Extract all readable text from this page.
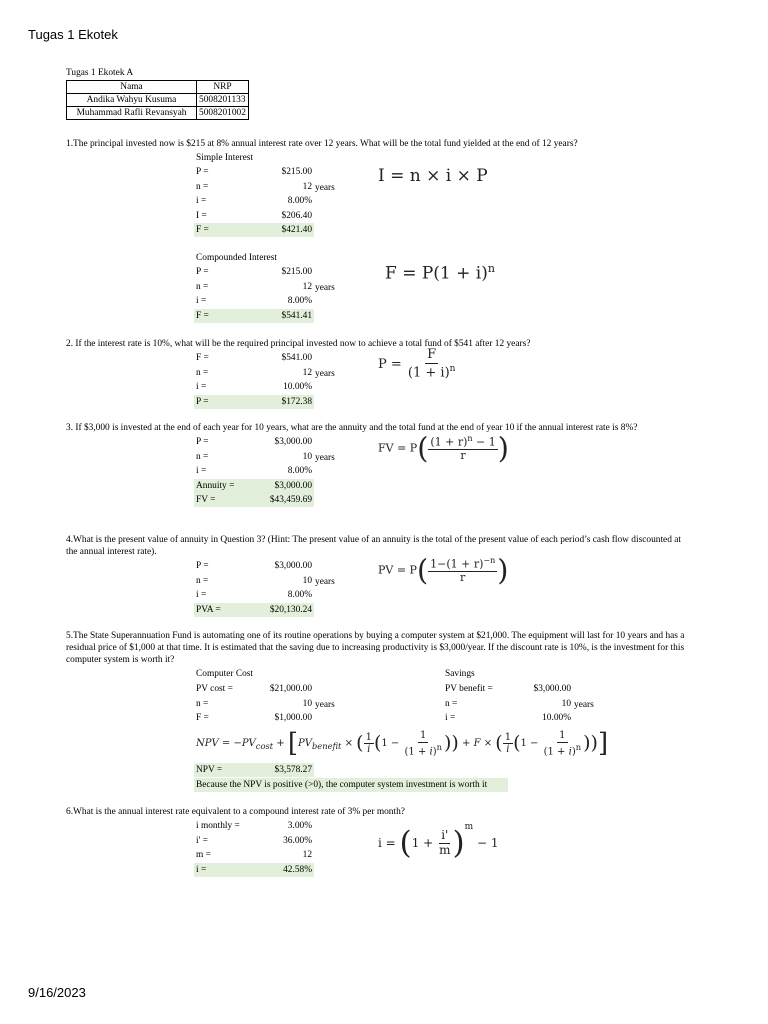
Tugas 1 Ekotek
9/16/2023
Tugas 1 Ekotek A
Nama	NRP
Andika Wahyu Kusuma	5008201133
Muhammad Rafli Revansyah	5008201002
1.The principal invested now is $215 at 8% annual interest rate over 12 years. What will be the total fund yielded at the end of 12 years?
Simple Interest
I = n × i × P
Compounded Interest
$F = P(1 + i)^n$
2. If the interest rate is 10%, what will be the required principal invested now to achieve a total fund of $541 after 12 years?
$P = \frac{F}{(1 + i)^n}$
3. If $3,000 is invested at the end of each year for 10 years, what are the annuity and the total fund at the end of year 10 if the annual interest rate is 8%?
FV = $P( \frac{(1 + r)^n - 1}{r}$ )
4.What is the present value of annuity in Question 3? (Hint: The present value of an annuity is the total of the present value of each period’s cash flow discounted at the annual interest rate).
PV = $P( \frac{1-(1 + r)^{-n}}{r}$ )
5.The State Superannuation Fund is automating one of its routine operations by buying a computer system at $21,000. The equipment will last for 10 years and has a residual price of $1,000 at that time. It is estimated that the saving due to increasing productivity is $3,000/year. If the discount rate is 10%, is the investment for this computer system is worth it?
Computer Cost	Savings
NPV = $-PV_{cost} + [PV_{benefit}$ × ( $\frac{1}{i} (1 - \frac{1}{(1 + i)^n}$ )) + F × ( $\frac{1}{i} (1 - \frac{1}{(1 + i)^n}$ ))]
NPV =	$3,578.27
Because the NPV is positive (>0), the computer system investment is worth it
6.What is the annual interest rate equivalent to a compound interest rate of 3% per month?
$i = (1 + \frac{i'}{m} )^m - 1$
P =	$215.00
n =	12 years
i =	8.00%
I =	$206.40
F =	$421.40
P =	$215.00
n =	12 years
i =	8.00%
F =	$541.41
F =	$541.00
n =	12 years
i =	10.00%
P =	$172.38
P =	$3,000.00
n =	10 years
i =	8.00%
Annuity =	$3,000.00
FV =	$43,459.69
P =	$3,000.00
n =	10 years
i =	8.00%
PVA =	$20,130.24
PV cost =	$21,000.00
n =	10 years
F =	$1,000.00
PV benefit =	$3,000.00
n =	10 years
i =	10.00%
i monthly =	3.00%
i' =	36.00%
m =	12
i =	42.58%
